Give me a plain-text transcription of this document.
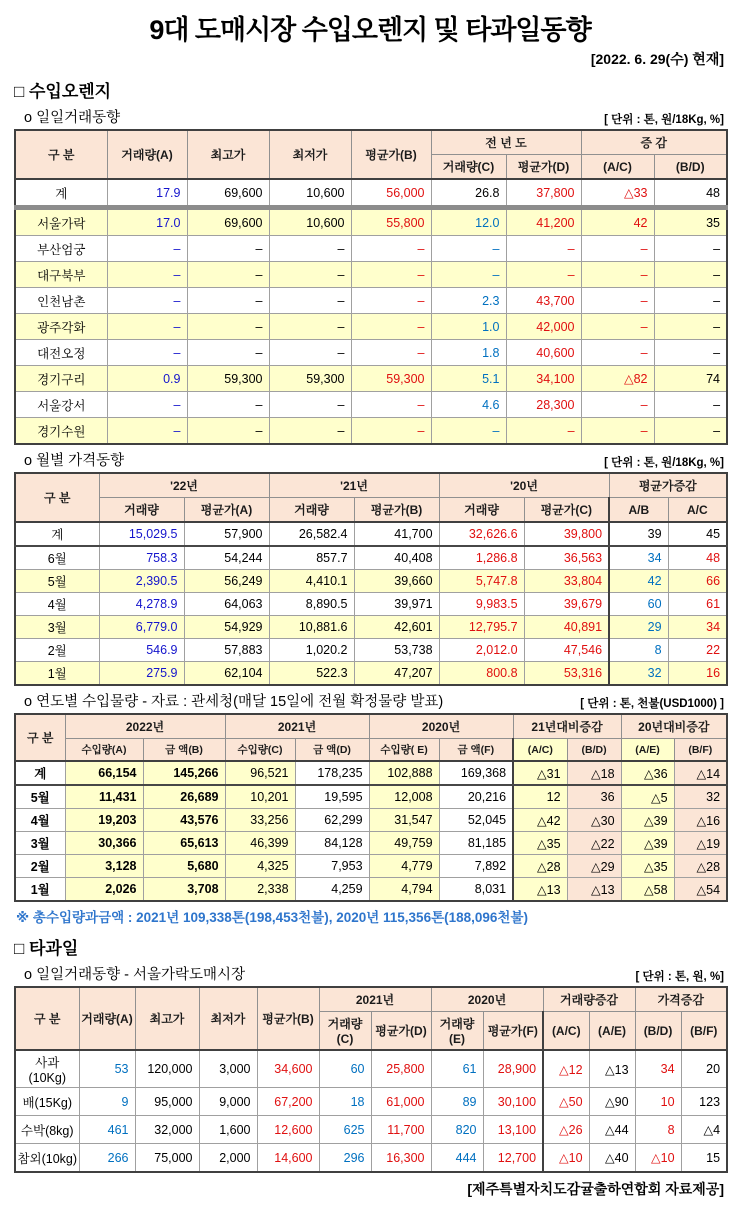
9대 도매시장 수입오렌지 및 타과일동향
[2022. 6. 29(수) 현재]
□ 수입오렌지
o 일일거래동향	[ 단위 : 톤, 원/18Kg, %]
구 분	거래량(A)	최고가	최저가	평균가(B)	전 년 도		증 감	
					거래량(C)	평균가(D)	(A/C)	(B/D)
계	17.9	69,600	10,600	56,000	26.8	37,800	△33	48
서울가락	17.0	69,600	10,600	55,800	12.0	41,200	42	35
부산엄궁	–	–	–	–	–	–	–	–
대구북부	–	–	–	–	–	–	–	–
인천남촌	–	–	–	–	2.3	43,700	–	–
광주각화	–	–	–	–	1.0	42,000	–	–
대전오정	–	–	–	–	1.8	40,600	–	–
경기구리	0.9	59,300	59,300	59,300	5.1	34,100	△82	74
서울강서	–	–	–	–	4.6	28,300	–	–
경기수원	–	–	–	–	–	–	–	–
o 월별 가격동향	[ 단위 : 톤, 원/18Kg, %]
구 분	'22년		'21년		'20년		평균가증감	
	거래량	평균가(A)	거래량	평균가(B)	거래량	평균가(C)	A/B	A/C
계	15,029.5	57,900	26,582.4	41,700	32,626.6	39,800	39	45
6월	758.3	54,244	857.7	40,408	1,286.8	36,563	34	48
5월	2,390.5	56,249	4,410.1	39,660	5,747.8	33,804	42	66
4월	4,278.9	64,063	8,890.5	39,971	9,983.5	39,679	60	61
3월	6,779.0	54,929	10,881.6	42,601	12,795.7	40,891	29	34
2월	546.9	57,883	1,020.2	53,738	2,012.0	47,546	8	22
1월	275.9	62,104	522.3	47,207	800.8	53,316	32	16
o 연도별 수입물량 - 자료 : 관세청(매달 15일에 전월 확정물량 발표)	[ 단위 : 톤, 천불(USD1000) ]
구 분	2022년		2021년		2020년		21년대비증감		20년대비증감	
	수입량(A)	금 액(B)	수입량(C)	금 액(D)	수입량( E)	금 액(F)	(A/C)	(B/D)	(A/E)	(B/F)
계	66,154	145,266	96,521	178,235	102,888	169,368	△31	△18	△36	△14
5월	11,431	26,689	10,201	19,595	12,008	20,216	12	36	△5	32
4월	19,203	43,576	33,256	62,299	31,547	52,045	△42	△30	△39	△16
3월	30,366	65,613	46,399	84,128	49,759	81,185	△35	△22	△39	△19
2월	3,128	5,680	4,325	7,953	4,779	7,892	△28	△29	△35	△28
1월	2,026	3,708	2,338	4,259	4,794	8,031	△13	△13	△58	△54
※ 총수입량과금액 : 2021년 109,338톤(198,453천불), 2020년 115,356톤(188,096천불)
□ 타과일
o 일일거래동향 - 서울가락도매시장	[ 단위 : 톤, 원, %]
구 분	거래량(A)	최고가	최저가	평균가(B)	2021년		2020년		거래량증감		가격증감	
					거래량(C)	평균가(D)	거래량(E)	평균가(F)	(A/C)	(A/E)	(B/D)	(B/F)
사과(10Kg)	53	120,000	3,000	34,600	60	25,800	61	28,900	△12	△13	34	20
배(15Kg)	9	95,000	9,000	67,200	18	61,000	89	30,100	△50	△90	10	123
수박(8kg)	461	32,000	1,600	12,600	625	11,700	820	13,100	△26	△44	8	△4
참외(10kg)	266	75,000	2,000	14,600	296	16,300	444	12,700	△10	△40	△10	15
[제주특별자치도감귤출하연합회 자료제공]
